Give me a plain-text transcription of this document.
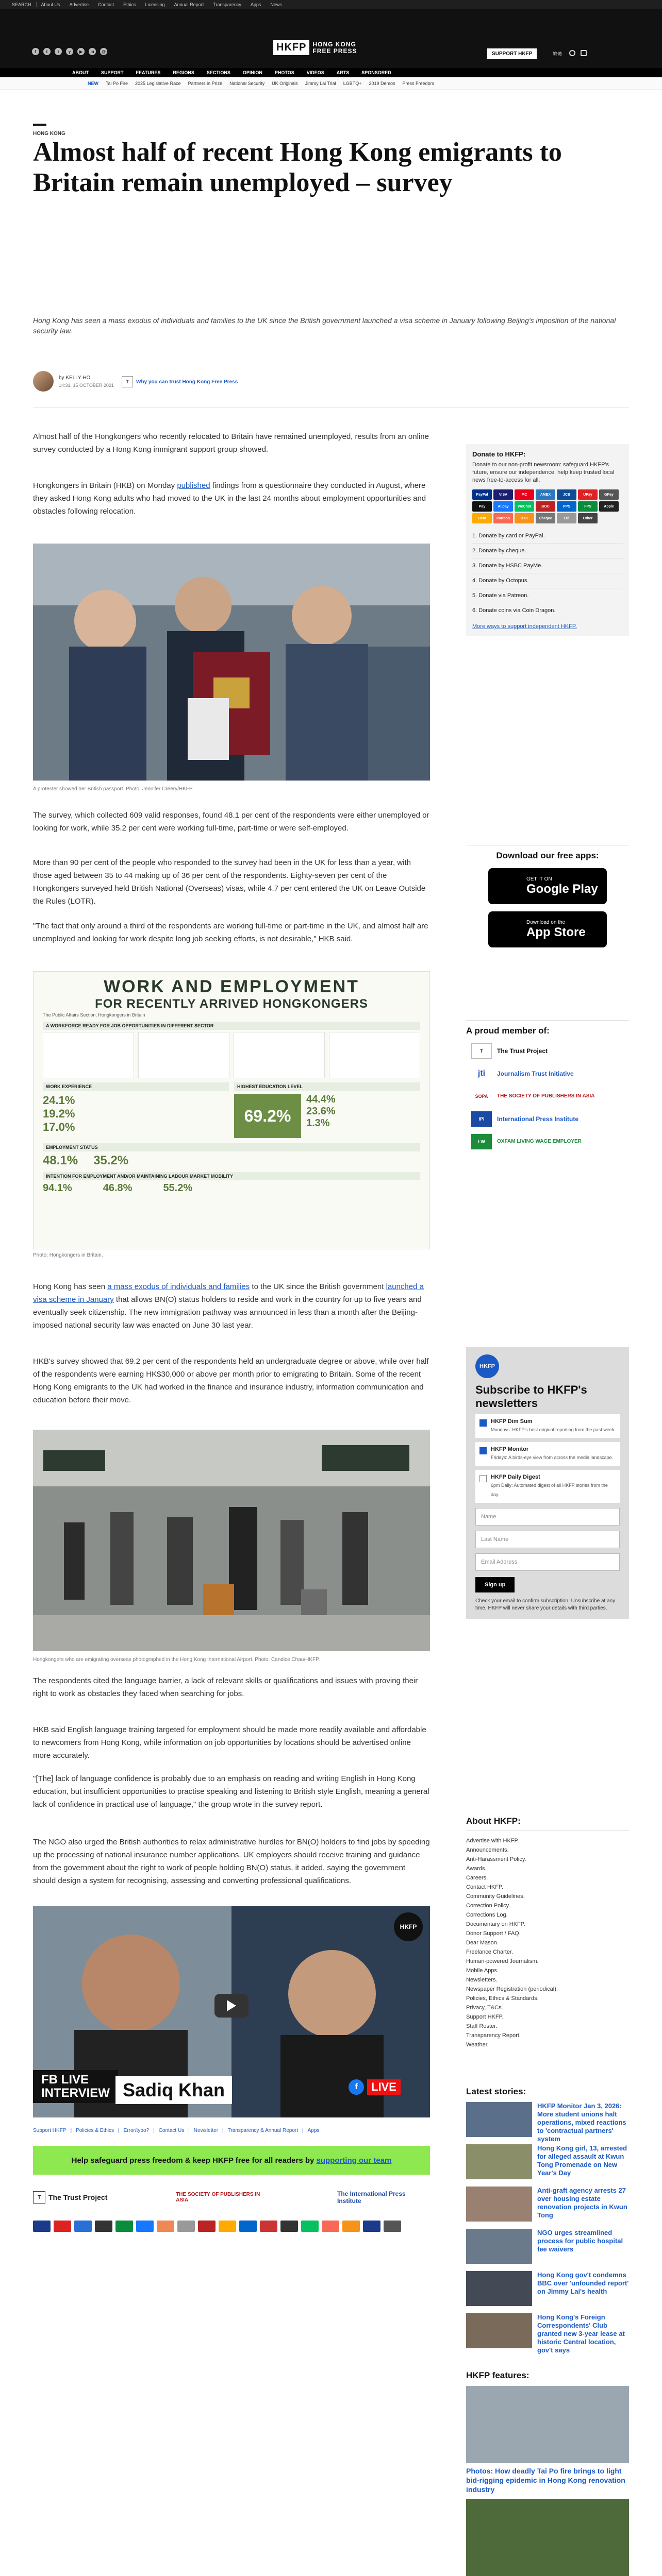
SEARCH	About Us	Advertise	Contact	Ethics	Licensing	Annual Report	Transparency	Apps	News
f	t	i	y	▶	in	@	HKFP	HONG KONG
FREE PRESS	SUPPORT HKFP	繁體
ABOUT	SUPPORT	FEATURES	REGIONS	SECTIONS	OPINION	PHOTOS	VIDEOS	ARTS	SPONSORED
NEW Tai Po Fire 2025 Legislative Race Partners in Prize National Security UK Originals Jimmy Lai Trial LGBTQ+ 2019 Demos Press Freedom
HONG KONG
Almost half of recent Hong Kong emigrants to Britain remain unemployed – survey
Hong Kong has seen a mass exodus of individuals and families to the UK since the British government launched a visa scheme in January following Beijing's imposition of the national security law.
by KELLY HO
14:31, 15 OCTOBER 2021
T	Why you can trust Hong Kong Free Press

Almost half of the Hongkongers who recently relocated to Britain have remained unemployed, results from an online survey conducted by a Hong Kong immigrant support group showed.

Hongkongers in Britain (HKB) on Monday published findings from a questionnaire they conducted in August, where they asked Hong Kong adults who had moved to the UK in the last 24 months about employment opportunities and obstacles following relocation.

A protester showed her British passport. Photo: Jennifer Creery/HKFP.

The survey, which collected 609 valid responses, found 48.1 per cent of the respondents were either unemployed or looking for work, while 35.2 per cent were working full-time, part-time or were self-employed.

More than 90 per cent of the people who responded to the survey had been in the UK for less than a year, with those aged between 35 to 44 making up of 36 per cent of the respondents. Eighty-seven per cent of the Hongkongers surveyed held British National (Overseas) visas, while 4.7 per cent entered the UK on Leave Outside the Rules (LOTR).

"The fact that only around a third of the respondents are working full-time or part-time in the UK, and almost half are unemployed and looking for work despite long job seeking efforts, is not desirable," HKB said.

WORK AND EMPLOYMENT
FOR RECENTLY ARRIVED HONGKONGERS
The Public Affairs Section, Hongkongers in Britain
A WORKFORCE READY FOR JOB OPPORTUNITIES IN DIFFERENT SECTOR
WORK EXPERIENCE
24.1%
19.2%
17.0%
HIGHEST EDUCATION LEVEL
69.2%
44.4%
23.6%
1.3%
EMPLOYMENT STATUS
48.1% 35.2%
INTENTION FOR EMPLOYMENT AND/OR MAINTAINING LABOUR MARKET MOBILITY
94.1%	46.8%	55.2%
Photo: Hongkongers in Britain.

Hong Kong has seen a mass exodus of individuals and families to the UK since the British government launched a visa scheme in January that allows BN(O) status holders to reside and work in the country for up to five years and eventually seek citizenship. The new immigration pathway was announced in less than a month after the Beijing-imposed national security law was enacted on June 30 last year.

HKB's survey showed that 69.2 per cent of the respondents held an undergraduate degree or above, while over half of the respondents were earning HK$30,000 or above per month prior to emigrating to Britain. Some of the recent Hong Kong emigrants to the UK had worked in the finance and insurance industry, information communication and education before their move.

Hongkongers who are emigrating overseas photographed in the Hong Kong International Airport. Photo: Candice Chau/HKFP.

The respondents cited the language barrier, a lack of relevant skills or qualifications and issues with proving their right to work as obstacles they faced when searching for jobs.

HKB said English language training targeted for employment should be made more readily available and affordable to newcomers from Hong Kong, while information on job opportunities by locations should be advertised online more accurately.

"[The] lack of language confidence is probably due to an emphasis on reading and writing English in Hong Kong education, but insufficient opportunities to practise speaking and listening to British style English, meaning a general lack of confidence in practical use of language," the group wrote in the survey report.

The NGO also urged the British authorities to relax administrative hurdles for BN(O) holders to find jobs by speeding up the processing of national insurance number applications. UK employers should receive training and guidance from the government about the right to work of people holding BN(O) status, it added, saying the government should design a system for recognising, assessing and converting professional qualifications.

HKFP
FB LIVE
INTERVIEW Sadiq Khan	f	LIVE
Support HKFP | Policies & Ethics | Error/typo? | Contact Us | Newsletter | Transparency & Annual Report | Apps
Help safeguard press freedom & keep HKFP free for all readers by supporting our team
T	The Trust Project	THE SOCIETY OF PUBLISHERS IN ASIA
The International Press Institute
Donate to HKFP:
Donate to our non-profit newsroom: safeguard HKFP's future, ensure our independence, help keep trusted local news free-to-access for all.
PayPal	VISA	MC	AMEX	JCB	UPay	GPay
Pay	Alipay	WeChat	BOC	PPS	FPS	Apple
Octo	Patreon	BTC	Cheque	Ltd	Other
1. Donate by card or PayPal.
2. Donate by cheque.
3. Donate by HSBC PayMe.
4. Donate by Octopus.
5. Donate via Patreon.
6. Donate coins via Coin Dragon.
More ways to support independent HKFP.
Download our free apps:
GET IT ON
Google Play
Download on the
App Store
A proud member of:
T	The Trust Project
jti	Journalism Trust Initiative
SOPA	THE SOCIETY OF PUBLISHERS IN ASIA
IPI	International Press Institute
LW	OXFAM LIVING WAGE EMPLOYER
HKFP
Subscribe to HKFP's newsletters
HKFP Dim Sum
Mondays: HKFP's best original reporting from the past week.
HKFP Monitor
Fridays: A birds-eye view from across the media landscape.
HKFP Daily Digest
6pm Daily: Automated digest of all HKFP stories from the day.
Name
Last Name
Email Address
Sign up
Check your email to confirm subscription. Unsubscribe at any time. HKFP will never share your details with third parties.
About HKFP:
Advertise with HKFP.
Announcements.
Anti-Harassment Policy.
Awards.
Careers.
Contact HKFP.
Community Guidelines.
Correction Policy.
Corrections Log.
Documentary on HKFP.
Donor Support / FAQ.
Dear Mason.
Freelance Charter.
Human-powered Journalism.
Mobile Apps.
Newsletters.
Newspaper Registration (periodical).
Policies, Ethics & Standards.
Privacy, T&Cs.
Support HKFP.
Staff Roster.
Transparency Report.
Weather.
Latest stories:
HKFP Monitor Jan 3, 2026: More student unions halt operations, mixed reactions to 'contractual partners' system
Hong Kong girl, 13, arrested for alleged assault at Kwun Tong Promenade on New Year's Day
Anti-graft agency arrests 27 over housing estate renovation projects in Kwun Tong
NGO urges streamlined process for public hospital fee waivers
Hong Kong gov't condemns BBC over 'unfounded report' on Jimmy Lai's health
Hong Kong's Foreign Correspondents' Club granted new 3-year lease at historic Central location, gov't says
HKFP features:
Photos: How deadly Tai Po fire brings to light bid-rigging epidemic in Hong Kong renovation industry
